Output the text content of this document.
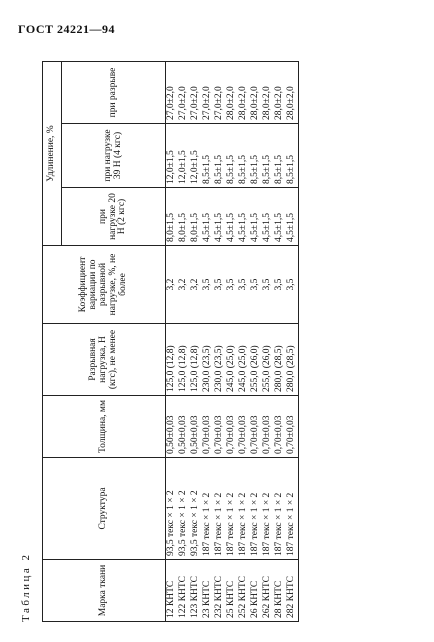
ГОСТ 24221—94
Таблица 2	Марка ткани	Структура	Толщина, мм	Разрывная нагрузка, Н (кгс), не менее	Коэффициент вариации по разрывной нагрузке, %, не более	Удлинение, %		
					при нагрузке 20 Н (2 кгс)	при нагрузке 39 Н (4 кгс)	при разрыве
12 КНТС	93,5 текс × 1 × 2	0,50±0,03	125,0 (12,8)	3,2	8,0±1,5	12,0±1,5	27,0±2,0
122 КНТС	93,5 текс × 1 × 2	0,50±0,03	125,0 (12,8)	3,2	8,0±1,5	12,0±1,5	27,0±2,0
123 КНТС	93,5 текс × 1 × 2	0,50±0,03	125,0 (12,8)	3,2	8,0±1,5	12,0±1,5	27,0±2,0
23 КНТС	187 текс × 1 × 2	0,70±0,03	230,0 (23,5)	3,5	4,5±1,5	8,5±1,5	27,0±2,0
232 КНТС	187 текс × 1 × 2	0,70±0,03	230,0 (23,5)	3,5	4,5±1,5	8,5±1,5	27,0±2,0
25 КНТС	187 текс × 1 × 2	0,70±0,03	245,0 (25,0)	3,5	4,5±1,5	8,5±1,5	28,0±2,0
252 КНТС	187 текс × 1 × 2	0,70±0,03	245,0 (25,0)	3,5	4,5±1,5	8,5±1,5	28,0±2,0
26 КНТС	187 текс × 1 × 2	0,70±0,03	255,0 (26,0)	3,5	4,5±1,5	8,5±1,5	28,0±2,0
262 КНТС	187 текс × 1 × 2	0,70±0,03	255,0 (26,0)	3,5	4,5±1,5	8,5±1,5	28,0±2,0
28 КНТС	187 текс × 1 × 2	0,70±0,03	280,0 (28,5)	3,5	4,5±1,5	8,5±1,5	28,0±2,0
282 КНТС	187 текс × 1 × 2	0,70±0,03	280,0 (28,5)	3,5	4,5±1,5	8,5±1,5	28,0±2,0
